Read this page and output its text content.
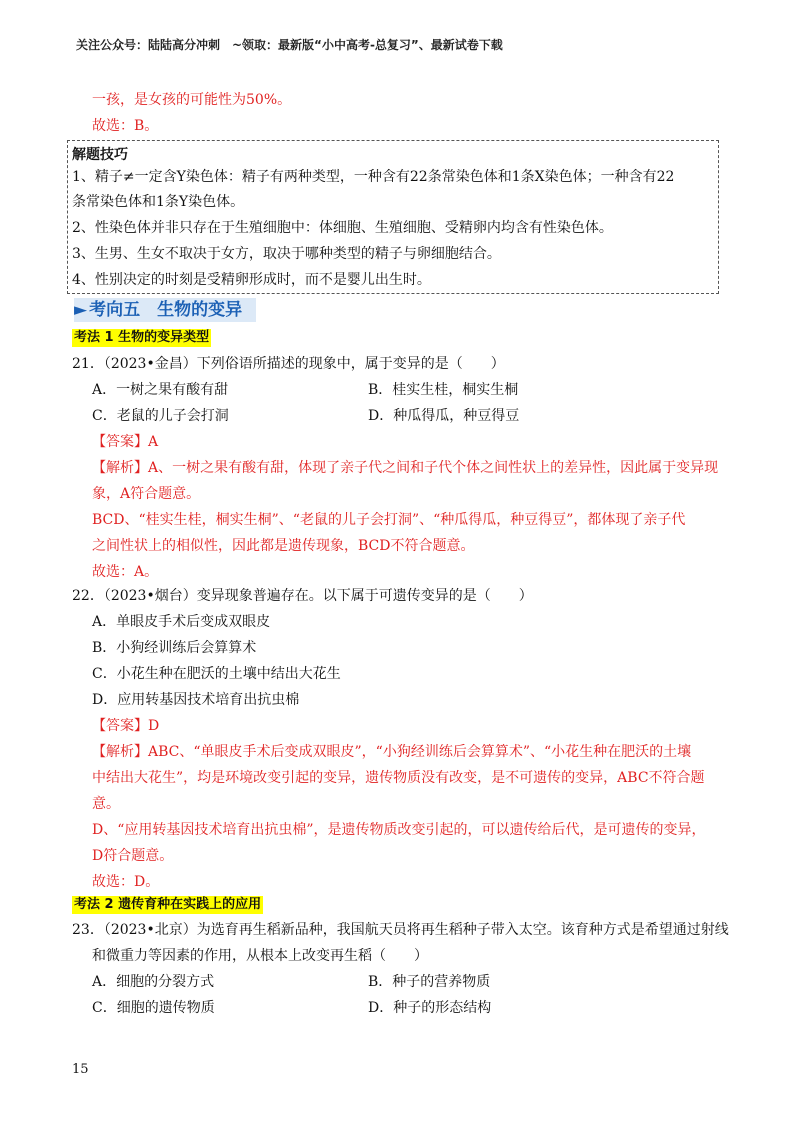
关注公众号：陆陆高分冲刺　~领取：最新版“小中高考-总复习”、最新试卷下载
一孩，是女孩的可能性为50%。
故选：B。
解题技巧
1、精子≠一定含Y染色体：精子有两种类型，一种含有22条常染色体和1条X染色体；一种含有22
条常染色体和1条Y染色体。
2、性染色体并非只存在于生殖细胞中：体细胞、生殖细胞、受精卵内均含有性染色体。
3、生男、生女不取决于女方，取决于哪种类型的精子与卵细胞结合。
4、性别决定的时刻是受精卵形成时，而不是婴儿出生时。
► 考向五　生物的变异
考法 1 生物的变异类型
21．（2023•金昌）下列俗语所描述的现象中，属于变异的是（　　）
A．一树之果有酸有甜	B．桂实生桂，桐实生桐
C．老鼠的儿子会打洞	D．种瓜得瓜，种豆得豆
【答案】A
【解析】A、一树之果有酸有甜，体现了亲子代之间和子代个体之间性状上的差异性，因此属于变异现
象，A符合题意。
BCD、“桂实生桂，桐实生桐”、“老鼠的儿子会打洞”、“种瓜得瓜，种豆得豆”，都体现了亲子代
之间性状上的相似性，因此都是遗传现象，BCD不符合题意。
故选：A。
22．（2023•烟台）变异现象普遍存在。以下属于可遗传变异的是（　　）
A．单眼皮手术后变成双眼皮
B．小狗经训练后会算算术
C．小花生种在肥沃的土壤中结出大花生
D．应用转基因技术培育出抗虫棉
【答案】D
【解析】ABC、“单眼皮手术后变成双眼皮”，“小狗经训练后会算算术”、“小花生种在肥沃的土壤
中结出大花生”，均是环境改变引起的变异，遗传物质没有改变，是不可遗传的变异，ABC不符合题
意。
D、“应用转基因技术培育出抗虫棉”，是遗传物质改变引起的，可以遗传给后代，是可遗传的变异，
D符合题意。
故选：D。
考法 2 遗传育种在实践上的应用
23．（2023•北京）为选育再生稻新品种，我国航天员将再生稻种子带入太空。该育种方式是希望通过射线
和微重力等因素的作用，从根本上改变再生稻（　　）
A．细胞的分裂方式	B．种子的营养物质
C．细胞的遗传物质	D．种子的形态结构
15
